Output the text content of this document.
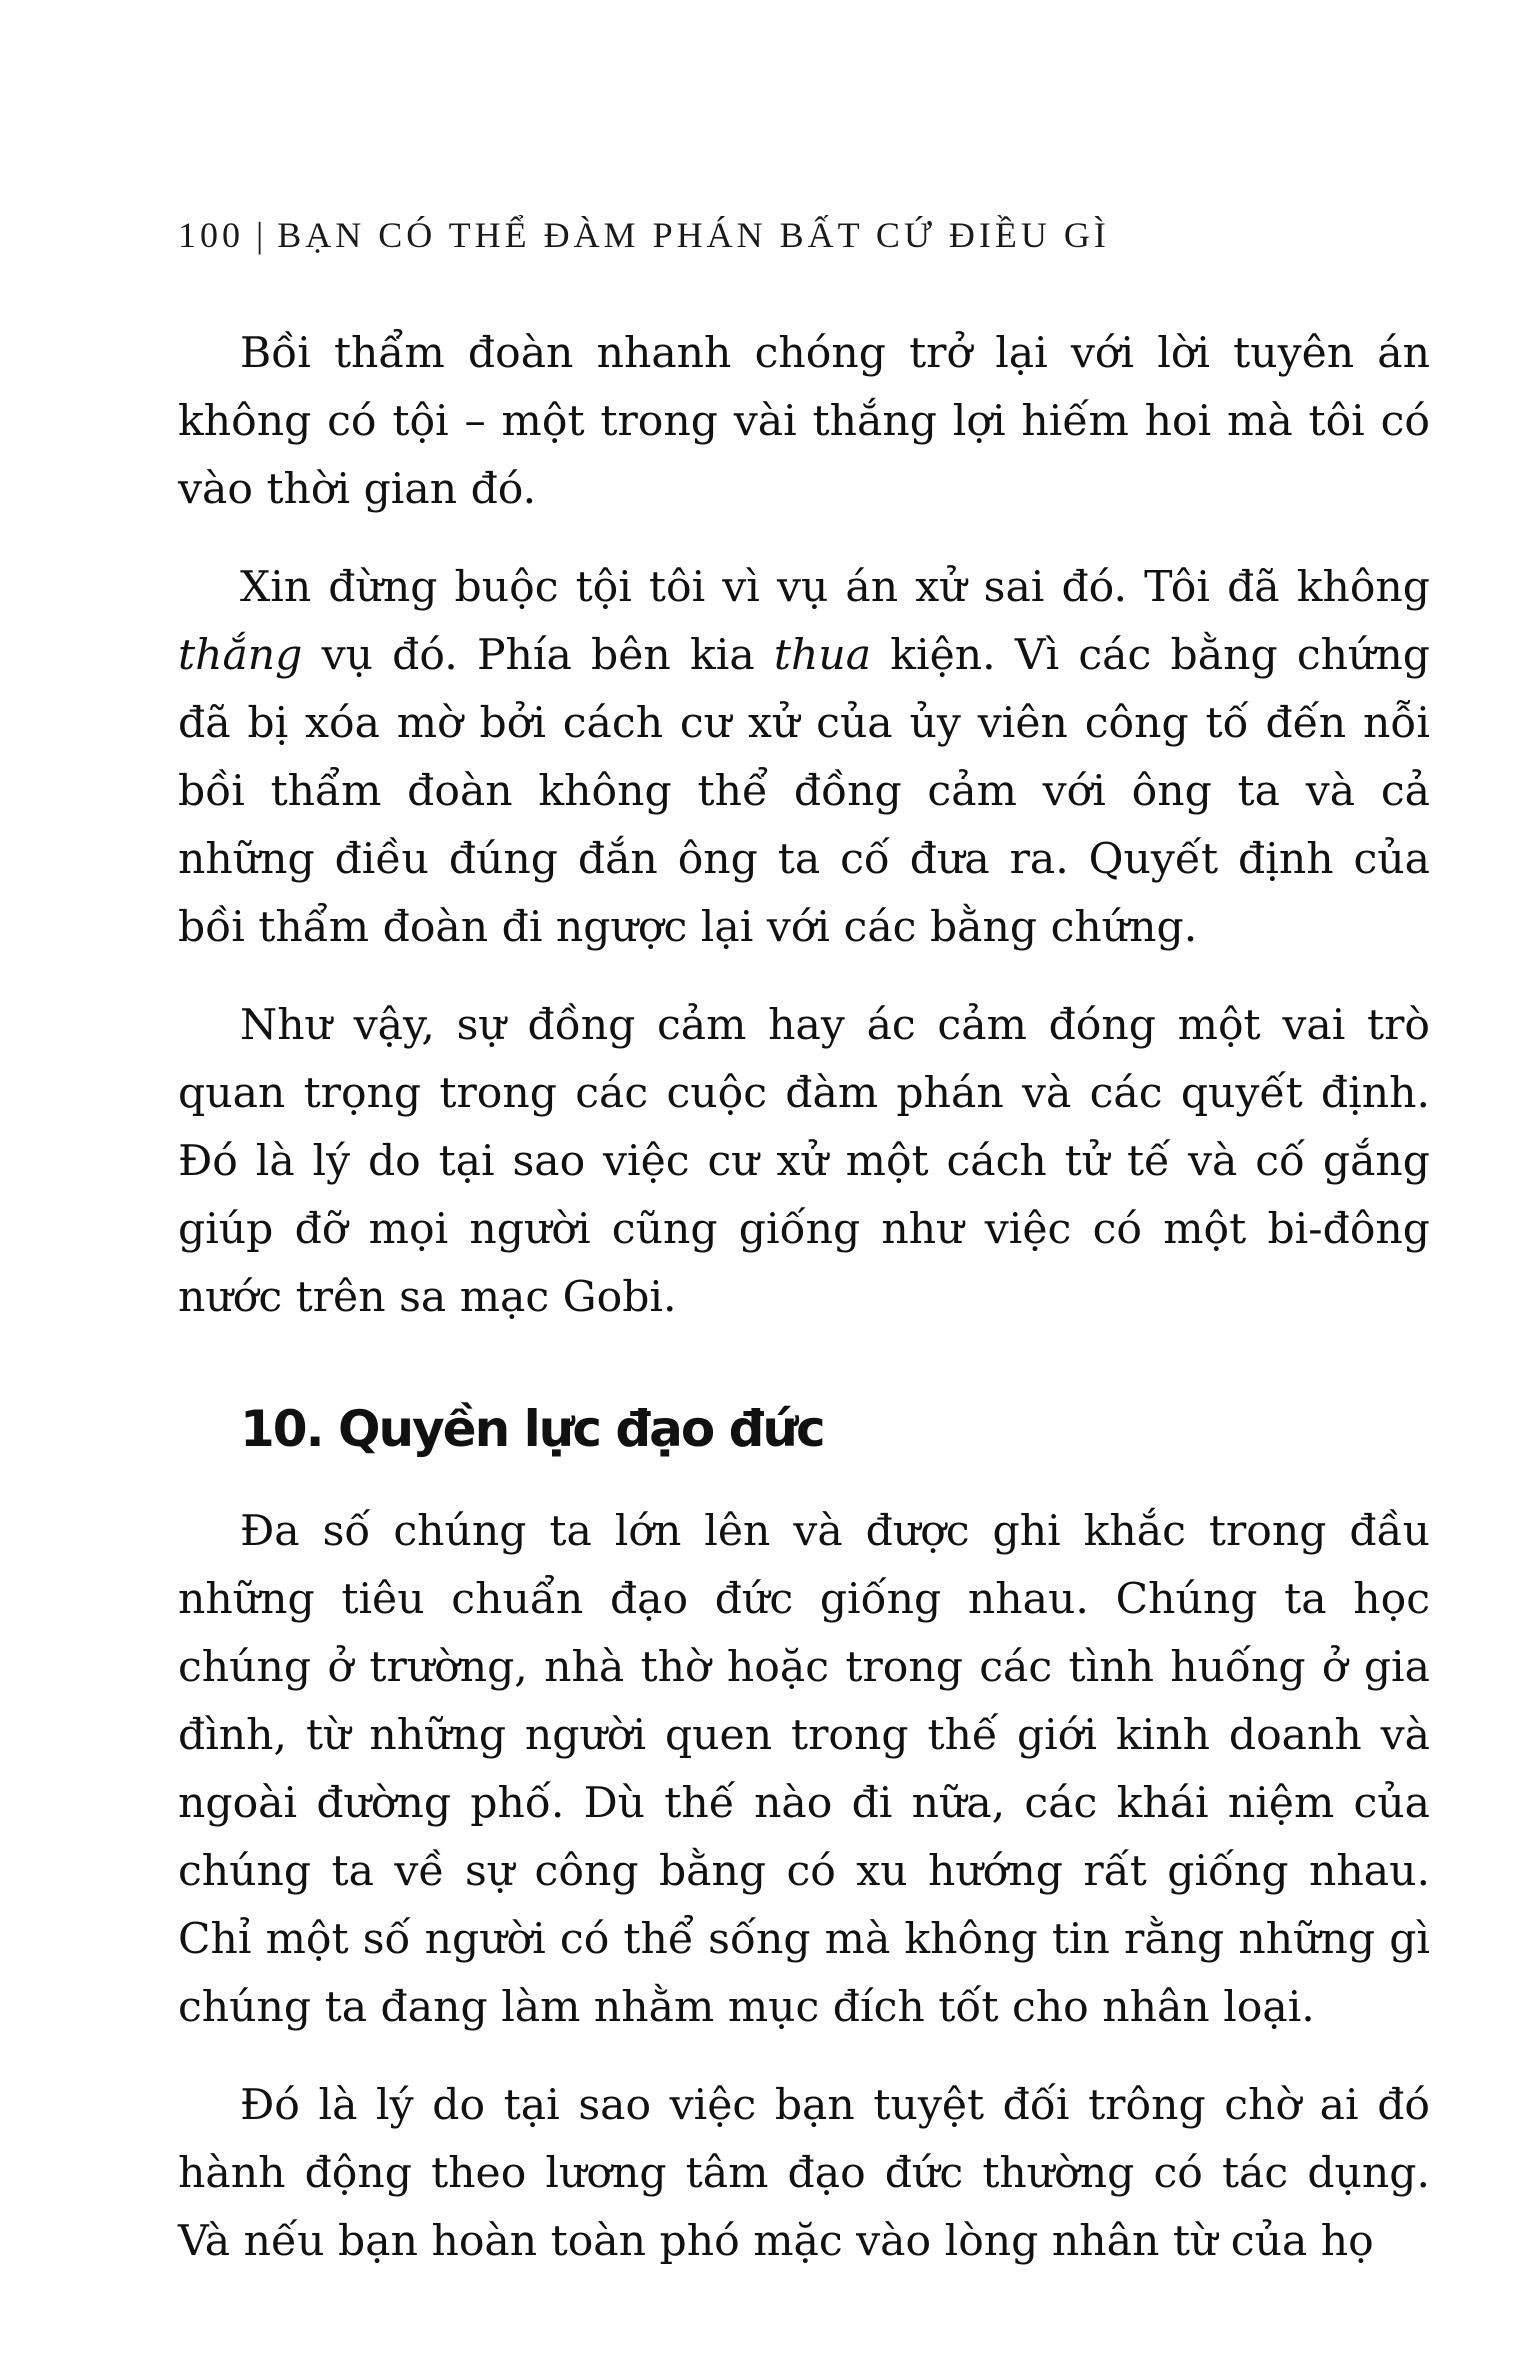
100 | BẠN CÓ THỂ ĐÀM PHÁN BẤT CỨ ĐIỀU GÌ

Bồi thẩm đoàn nhanh chóng trở lại với lời tuyên án không có tội – một trong vài thắng lợi hiếm hoi mà tôi có vào thời gian đó.

Xin đừng buộc tội tôi vì vụ án xử sai đó. Tôi đã không thắng vụ đó. Phía bên kia thua kiện. Vì các bằng chứng đã bị xóa mờ bởi cách cư xử của ủy viên công tố đến nỗi bồi thẩm đoàn không thể đồng cảm với ông ta và cả những điều đúng đắn ông ta cố đưa ra. Quyết định của bồi thẩm đoàn đi ngược lại với các bằng chứng.

Như vậy, sự đồng cảm hay ác cảm đóng một vai trò quan trọng trong các cuộc đàm phán và các quyết định. Đó là lý do tại sao việc cư xử một cách tử tế và cố gắng giúp đỡ mọi người cũng giống như việc có một bi-đông nước trên sa mạc Gobi.

10. Quyền lực đạo đức

Đa số chúng ta lớn lên và được ghi khắc trong đầu những tiêu chuẩn đạo đức giống nhau. Chúng ta học chúng ở trường, nhà thờ hoặc trong các tình huống ở gia đình, từ những người quen trong thế giới kinh doanh và ngoài đường phố. Dù thế nào đi nữa, các khái niệm của chúng ta về sự công bằng có xu hướng rất giống nhau. Chỉ một số người có thể sống mà không tin rằng những gì chúng ta đang làm nhằm mục đích tốt cho nhân loại.

Đó là lý do tại sao việc bạn tuyệt đối trông chờ ai đó hành động theo lương tâm đạo đức thường có tác dụng. Và nếu bạn hoàn toàn phó mặc vào lòng nhân từ của họ
